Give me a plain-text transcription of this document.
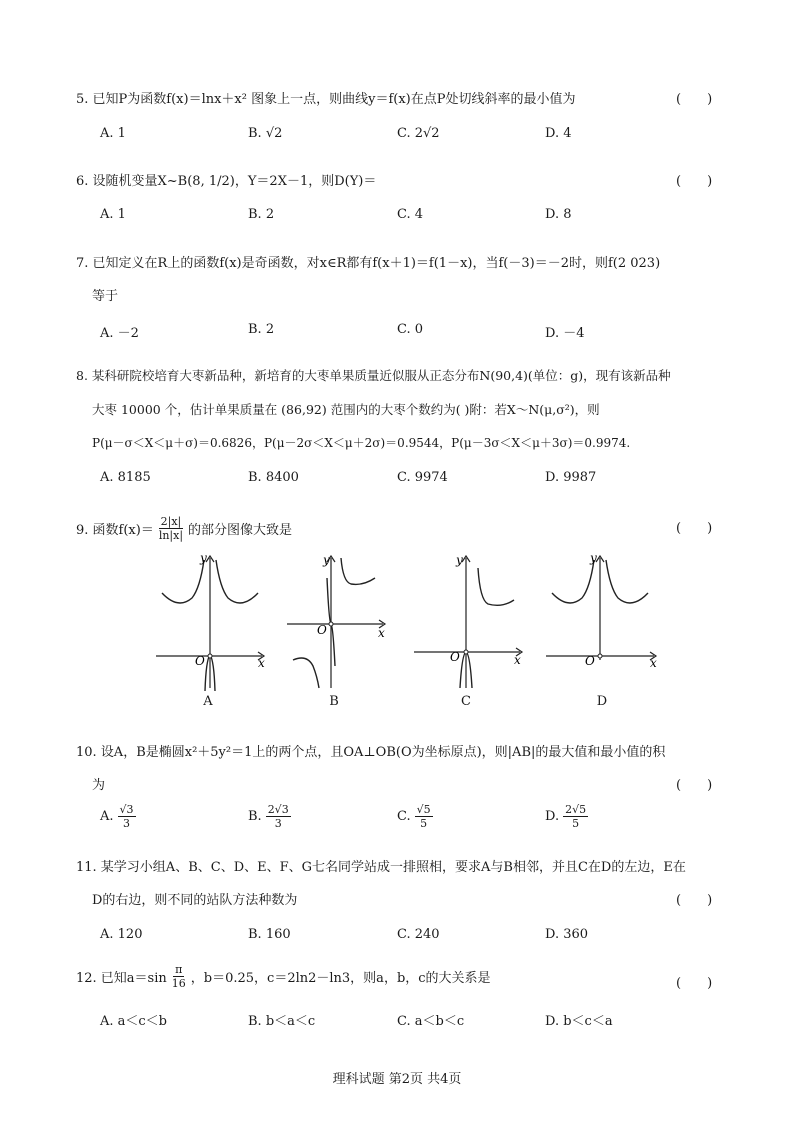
5. 已知P为函数f(x)＝lnx＋x² 图象上一点，则曲线y＝f(x)在点P处切线斜率的最小值为	(　　)
A. 1	B. √2	C. 2√2	D. 4
6. 设随机变量X~B(8, 1/2)，Y＝2X－1，则D(Y)＝	(　　)
A. 1	B. 2	C. 4	D. 8
7. 已知定义在R上的函数f(x)是奇函数，对x∈R都有f(x＋1)＝f(1－x)，当f(－3)＝－2时，则f(2 023)
等于
A. －2	B. 2	C. 0	D. －4
8. 某科研院校培育大枣新品种，新培育的大枣单果质量近似服从正态分布N(90,4)(单位：g)，现有该新品种
大枣 10000 个，估计单果质量在 (86,92) 范围内的大枣个数约为( )附：若X～N(μ,σ²)，则
P(μ－σ＜X＜μ＋σ)＝0.6826，P(μ－2σ＜X＜μ＋2σ)＝0.9544，P(μ－3σ＜X＜μ＋3σ)＝0.9974.
A. 8185	B. 8400	C. 9974	D. 9987
9. 函数$f(x)= \frac{2|x|}{\ln|x|}$ 的部分图像大致是	(　　)
O	x
y
O	x
y
O	x
y
O	x
y
A	B	C	D
10. 设A，B是椭圆x²＋5y²＝1上的两个点，且OA⊥OB(O为坐标原点)，则|AB|的最大值和最小值的积
为	(　　)
A. $\frac{√3}{3}$	B. $\frac{2√3}{3}$	C. $\frac{√5}{5}$	D. $\frac{2√5}{5}$
11. 某学习小组A、B、C、D、E、F、G七名同学站成一排照相，要求A与B相邻，并且C在D的左边，E在
D的右边，则不同的站队方法种数为	(　　)
A. 120	B. 160	C. 240	D. 360
12. 已知$a=\sin \frac{\pi}{16}$ ，b＝0.25，c＝2ln2－ln3，则a，b，c的大关系是	(　　)
A. a＜c＜b	B. b＜a＜c	C. a＜b＜c	D. b＜c＜a
理科试题 第2页 共4页
